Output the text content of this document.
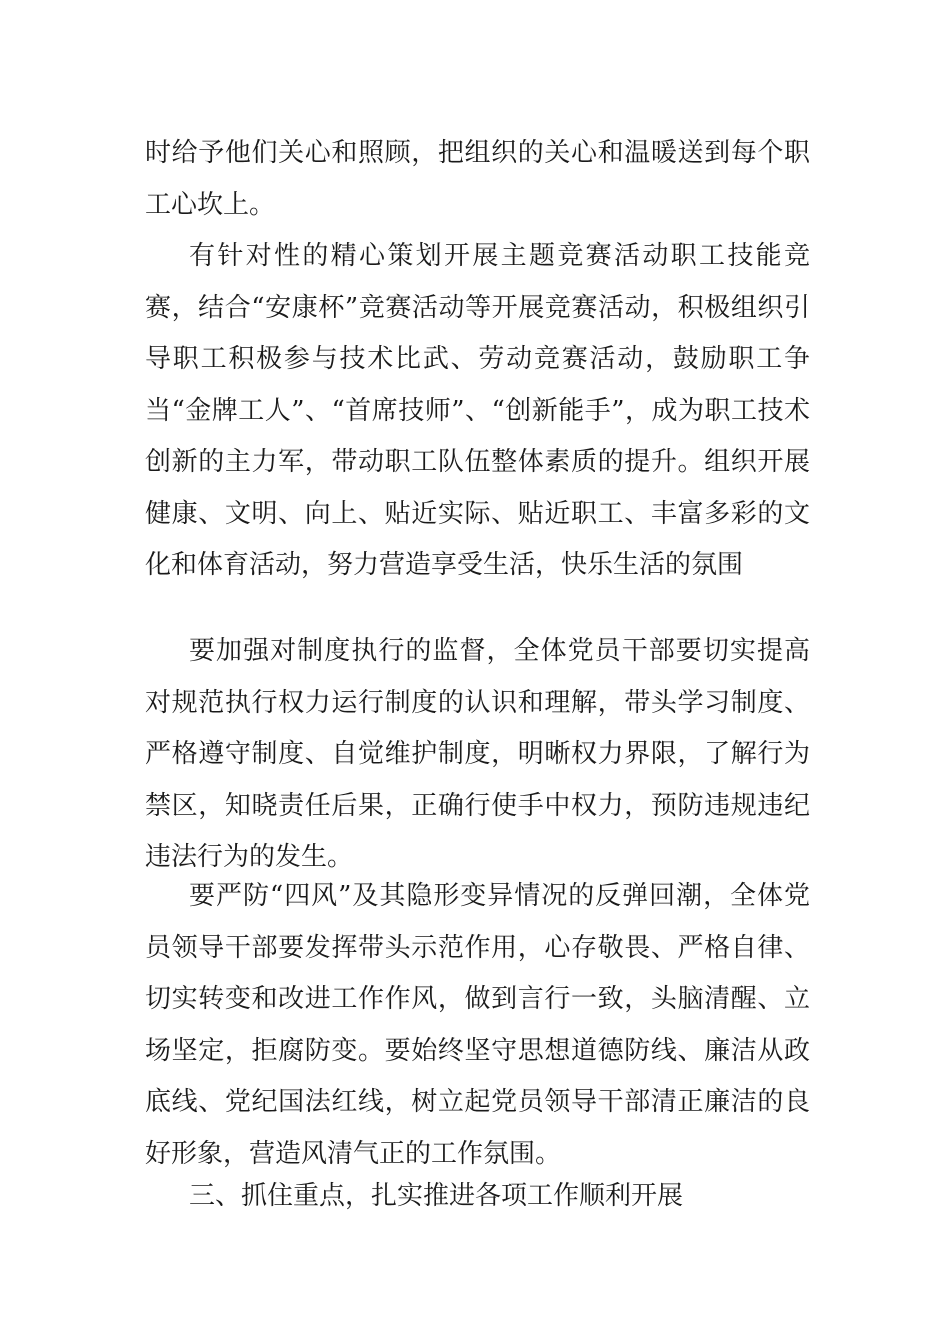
时给予他们关心和照顾，把组织的关心和温暖送到每个职工心坎上。

有针对性的精心策划开展主题竞赛活动职工技能竞赛，结合“安康杯”竞赛活动等开展竞赛活动，积极组织引导职工积极参与技术比武、劳动竞赛活动，鼓励职工争当“金牌工人”、“首席技师”、“创新能手”，成为职工技术创新的主力军，带动职工队伍整体素质的提升。组织开展健康、文明、向上、贴近实际、贴近职工、丰富多彩的文化和体育活动，努力营造享受生活，快乐生活的氛围

要加强对制度执行的监督，全体党员干部要切实提高对规范执行权力运行制度的认识和理解，带头学习制度、严格遵守制度、自觉维护制度，明晰权力界限，了解行为禁区，知晓责任后果，正确行使手中权力，预防违规违纪违法行为的发生。

要严防“四风”及其隐形变异情况的反弹回潮，全体党员领导干部要发挥带头示范作用，心存敬畏、严格自律、切实转变和改进工作作风，做到言行一致，头脑清醒、立场坚定，拒腐防变。要始终坚守思想道德防线、廉洁从政底线、党纪国法红线，树立起党员领导干部清正廉洁的良好形象，营造风清气正的工作氛围。

三、抓住重点，扎实推进各项工作顺利开展
